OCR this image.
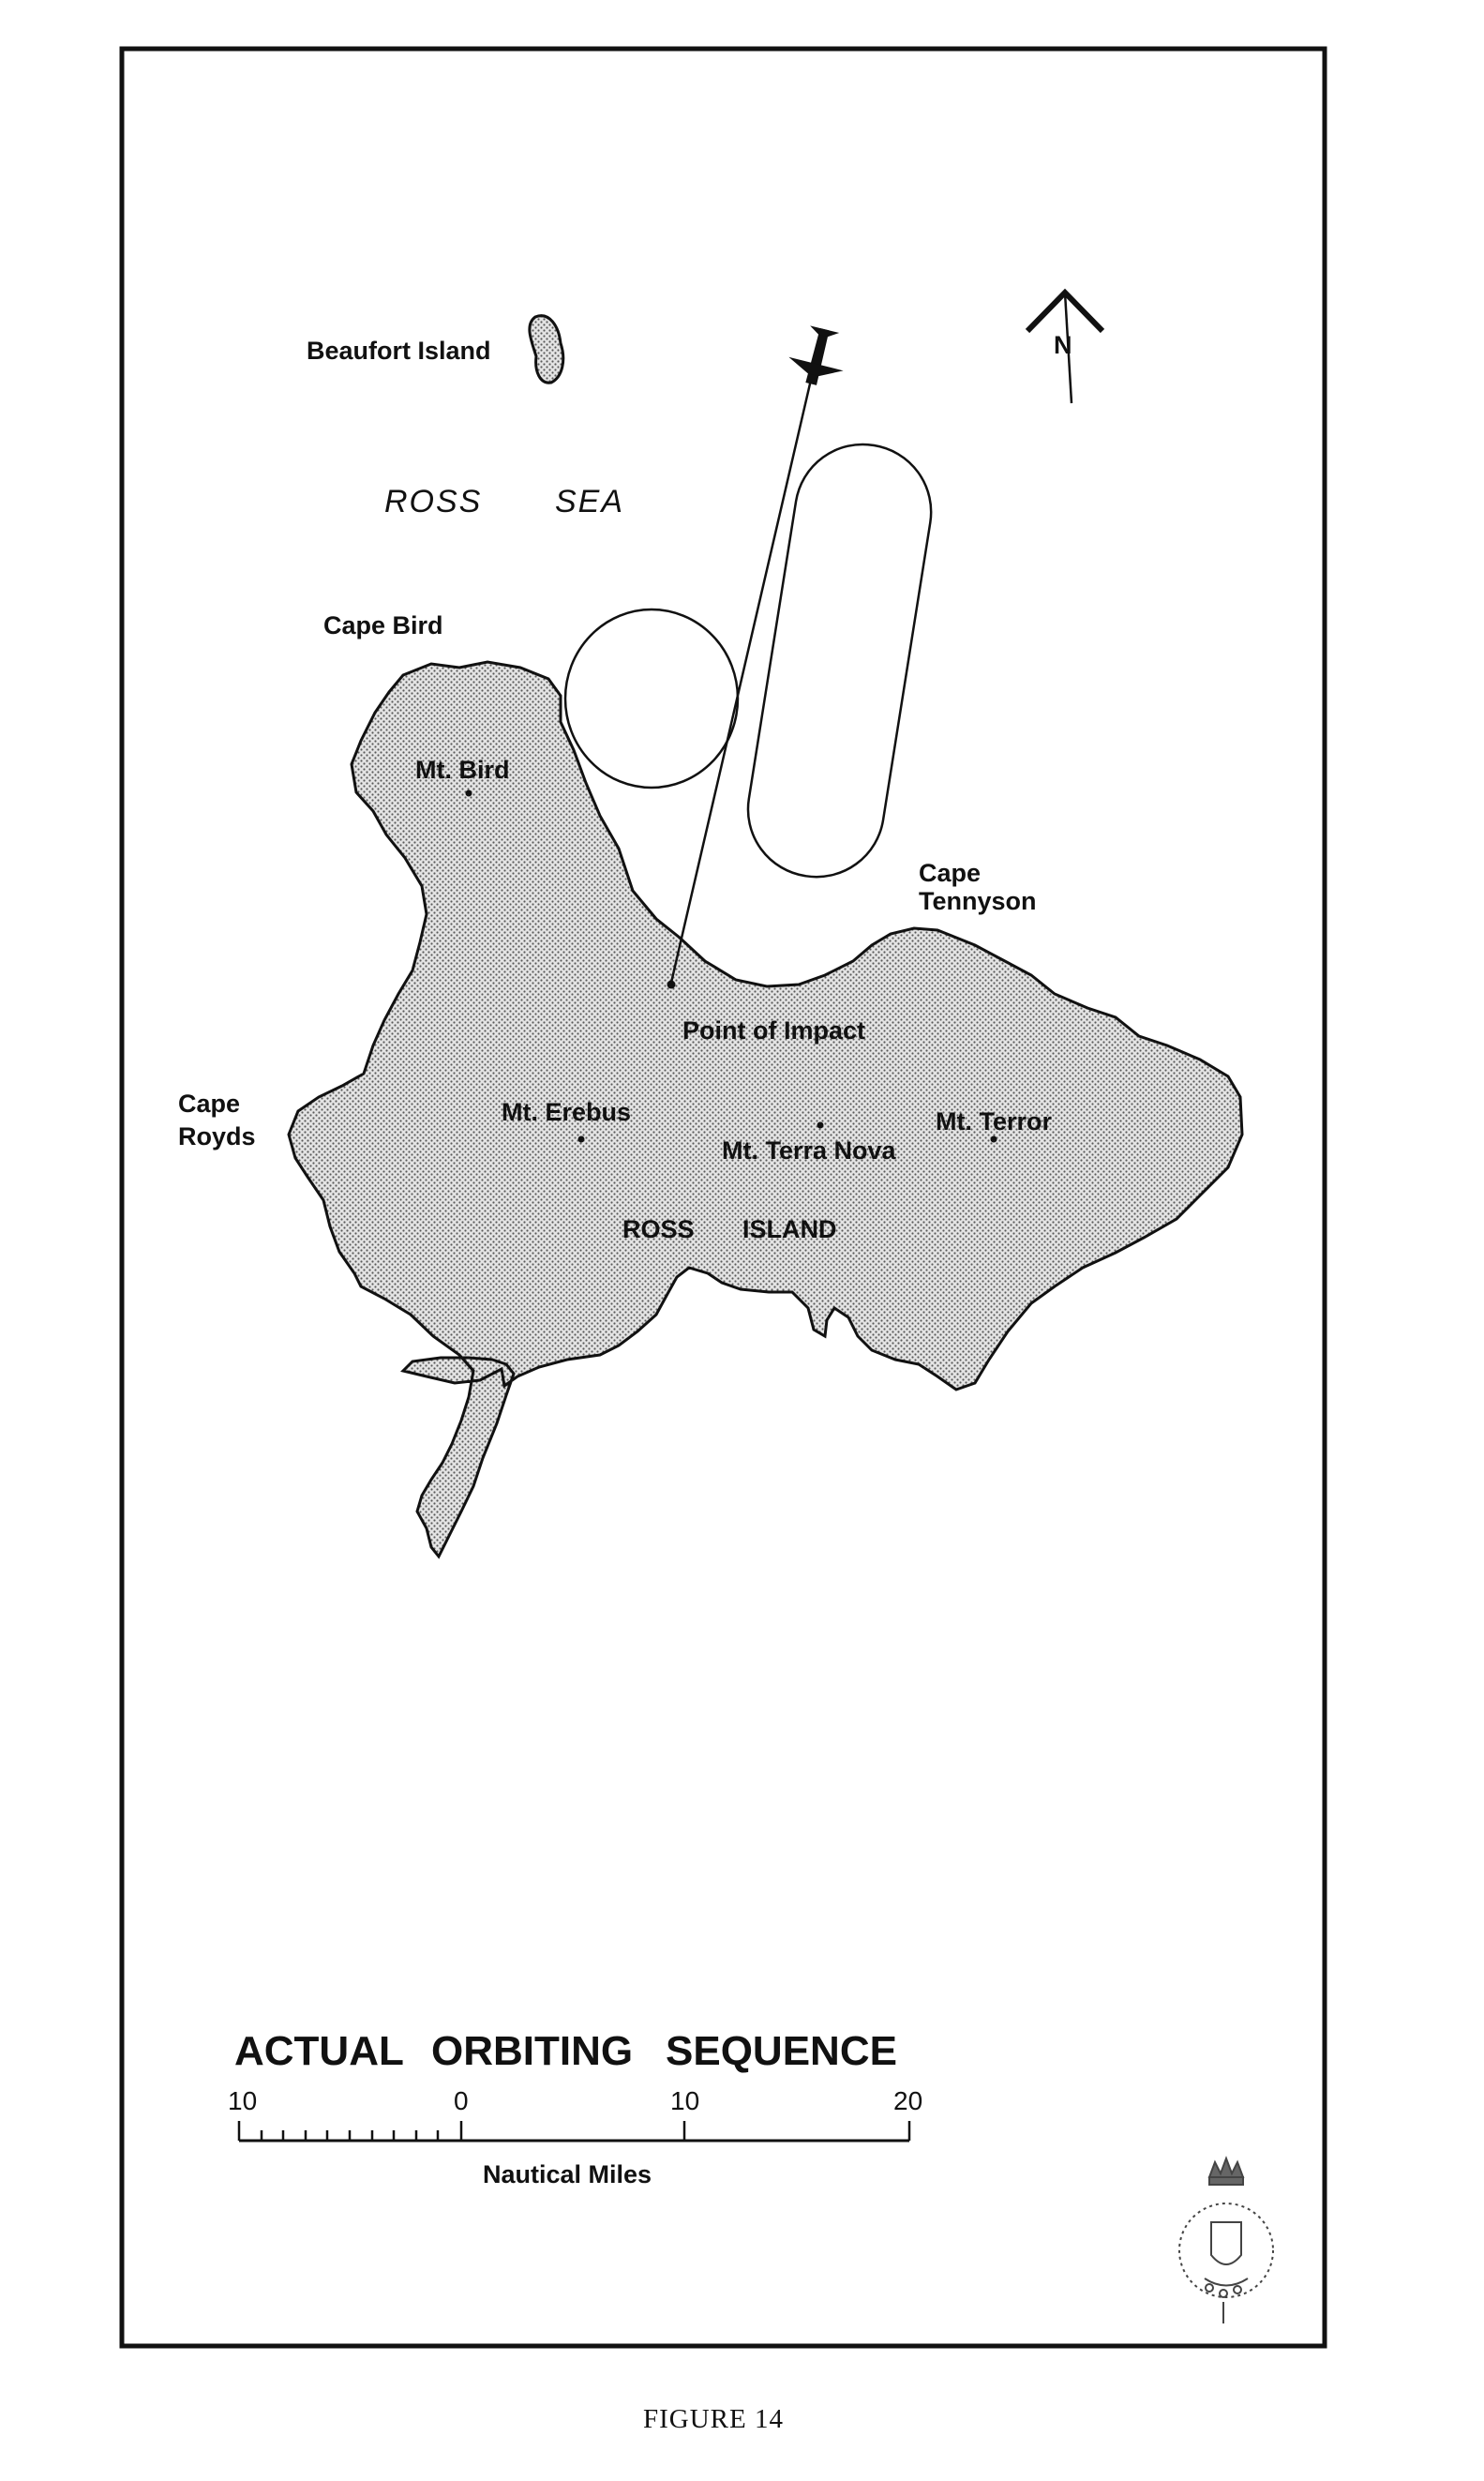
N
Beaufort Island
ROSS SEA
Cape Bird
Mt. Bird
Cape
Tennyson
Point of Impact
Cape
Royds
Mt. Erebus
Mt. Terra Nova
Mt. Terror
ROSS ISLAND
ACTUAL ORBITING SEQUENCE
10	0	10	20
Nautical Miles
FIGURE 14
